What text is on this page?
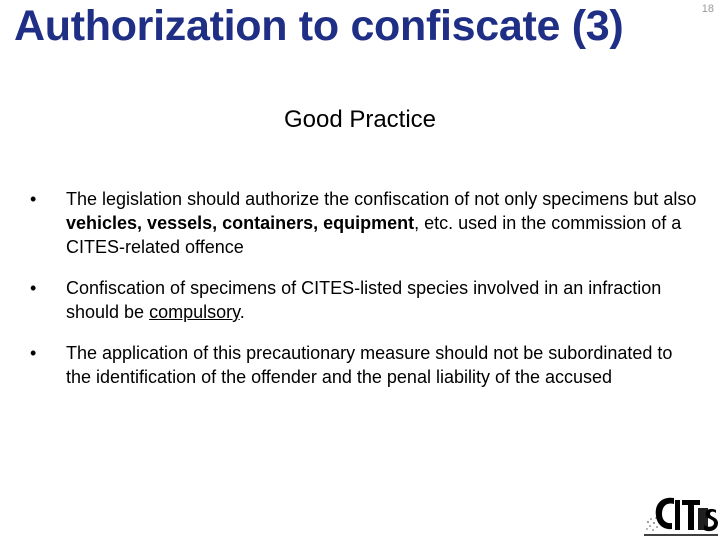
18
Authorization to confiscate (3)

Good Practice

•	The legislation should authorize the confiscation of not only specimens but also vehicles, vessels, containers, equipment, etc. used in the commission of a CITES-related offence
•	Confiscation of specimens of CITES-listed species involved in an infraction should be compulsory.
•	The application of this precautionary measure should not be subordinated to the identification of the offender and the penal liability of the accused
